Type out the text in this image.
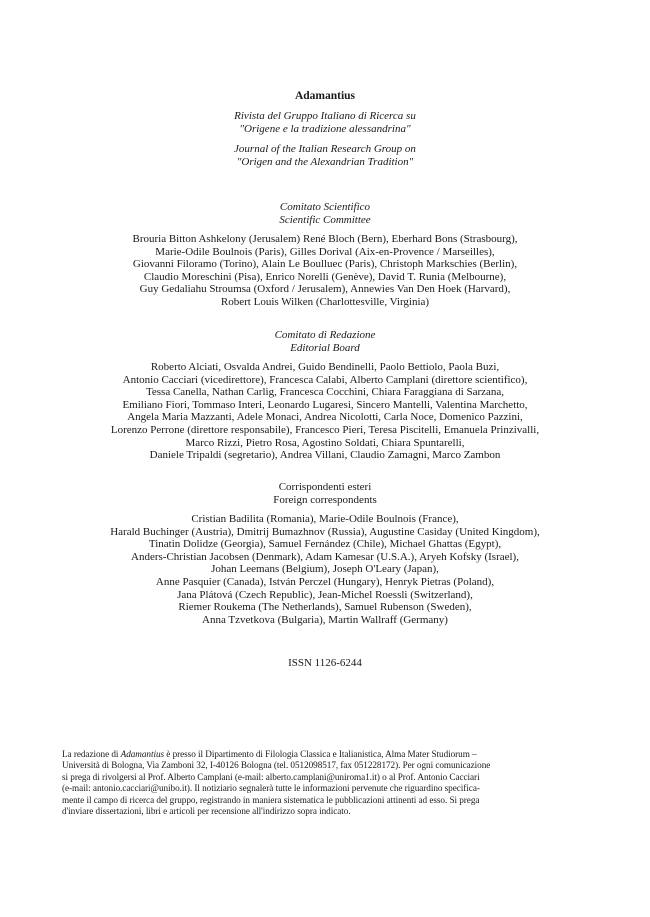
Adamantius
Rivista del Gruppo Italiano di Ricerca su
"Origene e la tradizione alessandrina"
Journal of the Italian Research Group on
"Origen and the Alexandrian Tradition"
Comitato Scientifico
Scientific Committee
Brouria Bitton Ashkelony (Jerusalem) René Bloch (Bern), Eberhard Bons (Strasbourg),
Marie-Odile Boulnois (Paris), Gilles Dorival (Aix-en-Provence / Marseilles),
Giovanni Filoramo (Torino), Alain Le Boulluec (Paris), Christoph Markschies (Berlin),
Claudio Moreschini (Pisa), Enrico Norelli (Genève), David T. Runia (Melbourne),
Guy Gedaliahu Stroumsa (Oxford / Jerusalem), Annewies Van Den Hoek (Harvard),
Robert Louis Wilken (Charlottesville, Virginia)
Comitato di Redazione
Editorial Board
Roberto Alciati, Osvalda Andrei, Guido Bendinelli, Paolo Bettiolo, Paola Buzi,
Antonio Cacciari (vicedirettore), Francesca Calabi, Alberto Camplani (direttore scientifico),
Tessa Canella, Nathan Carlig, Francesca Cocchini, Chiara Faraggiana di Sarzana,
Emiliano Fiori, Tommaso Interi, Leonardo Lugaresi, Sincero Mantelli, Valentina Marchetto,
Angela Maria Mazzanti, Adele Monaci, Andrea Nicolotti, Carla Noce, Domenico Pazzini,
Lorenzo Perrone (direttore responsabile), Francesco Pieri, Teresa Piscitelli, Emanuela Prinzivalli,
Marco Rizzi, Pietro Rosa, Agostino Soldati, Chiara Spuntarelli,
Daniele Tripaldi (segretario), Andrea Villani, Claudio Zamagni, Marco Zambon
Corrispondenti esteri
Foreign correspondents
Cristian Badilita (Romania), Marie-Odile Boulnois (France),
Harald Buchinger (Austria), Dmitrij Bumazhnov (Russia), Augustine Casiday (United Kingdom),
Tinatin Dolidze (Georgia), Samuel Fernández (Chile), Michael Ghattas (Egypt),
Anders-Christian Jacobsen (Denmark), Adam Kamesar (U.S.A.), Aryeh Kofsky (Israel),
Johan Leemans (Belgium), Joseph O'Leary (Japan),
Anne Pasquier (Canada), István Perczel (Hungary), Henryk Pietras (Poland),
Jana Plátová (Czech Republic), Jean-Michel Roessli (Switzerland),
Riemer Roukema (The Netherlands), Samuel Rubenson (Sweden),
Anna Tzvetkova (Bulgaria), Martin Wallraff (Germany)
ISSN 1126-6244
La redazione di Adamantius è presso il Dipartimento di Filologia Classica e Italianistica, Alma Mater Studiorum –
Università di Bologna, Via Zamboni 32, I-40126 Bologna (tel. 0512098517, fax 051228172). Per ogni comunicazione
si prega di rivolgersi al Prof. Alberto Camplani (e-mail: alberto.camplani@uniroma1.it) o al Prof. Antonio Cacciari
(e-mail: antonio.cacciari@unibo.it). Il notiziario segnalerà tutte le informazioni pervenute che riguardino specifica-
mente il campo di ricerca del gruppo, registrando in maniera sistematica le pubblicazioni attinenti ad esso. Si prega
d'inviare dissertazioni, libri e articoli per recensione all'indirizzo sopra indicato.
